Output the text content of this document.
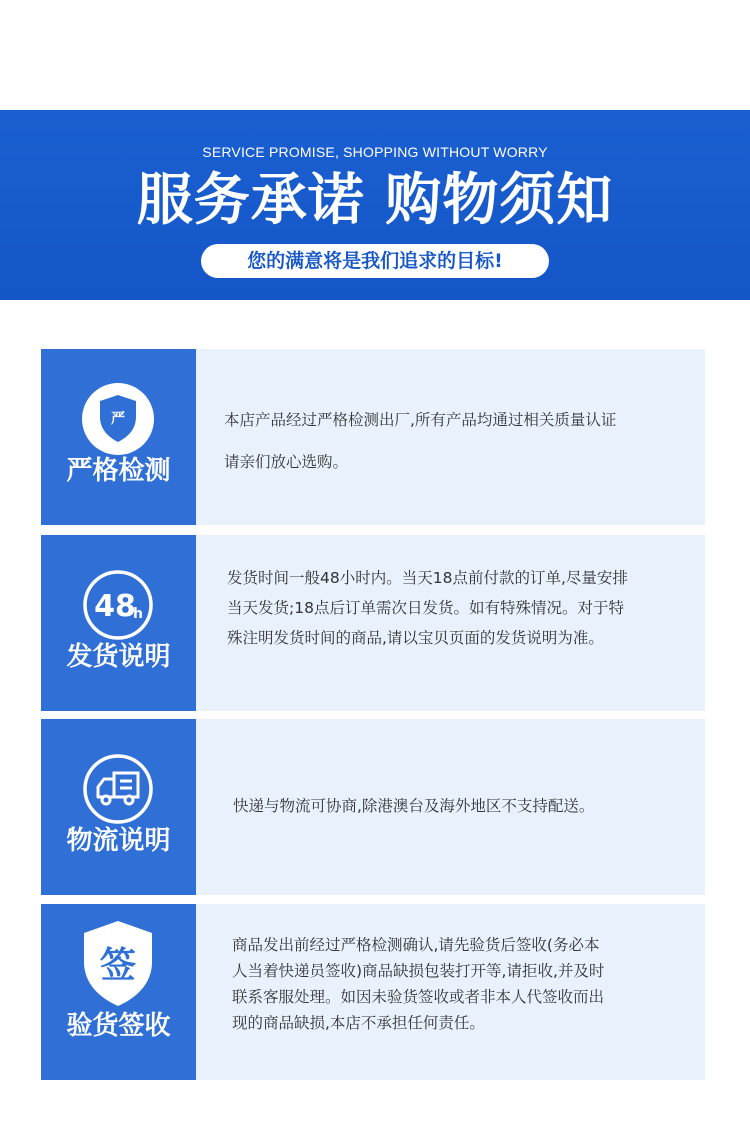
SERVICE PROMISE, SHOPPING WITHOUT WORRY
服务承诺 购物须知
您的满意将是我们追求的目标!
严
严格检测

本店产品经过严格检测出厂,所有产品均通过相关质量认证

请亲们放心选购。

48
h
发货说明

发货时间一般48小时内。当天18点前付款的订单,尽量安排

当天发货;18点后订单需次日发货。如有特殊情况。对于特

殊注明发货时间的商品,请以宝贝页面的发货说明为准。

物流说明

快递与物流可协商,除港澳台及海外地区不支持配送。

签
验货签收

商品发出前经过严格检测确认,请先验货后签收(务必本

人当着快递员签收)商品缺损包装打开等,请拒收,并及时

联系客服处理。如因未验货签收或者非本人代签收而出

现的商品缺损,本店不承担任何责任。
